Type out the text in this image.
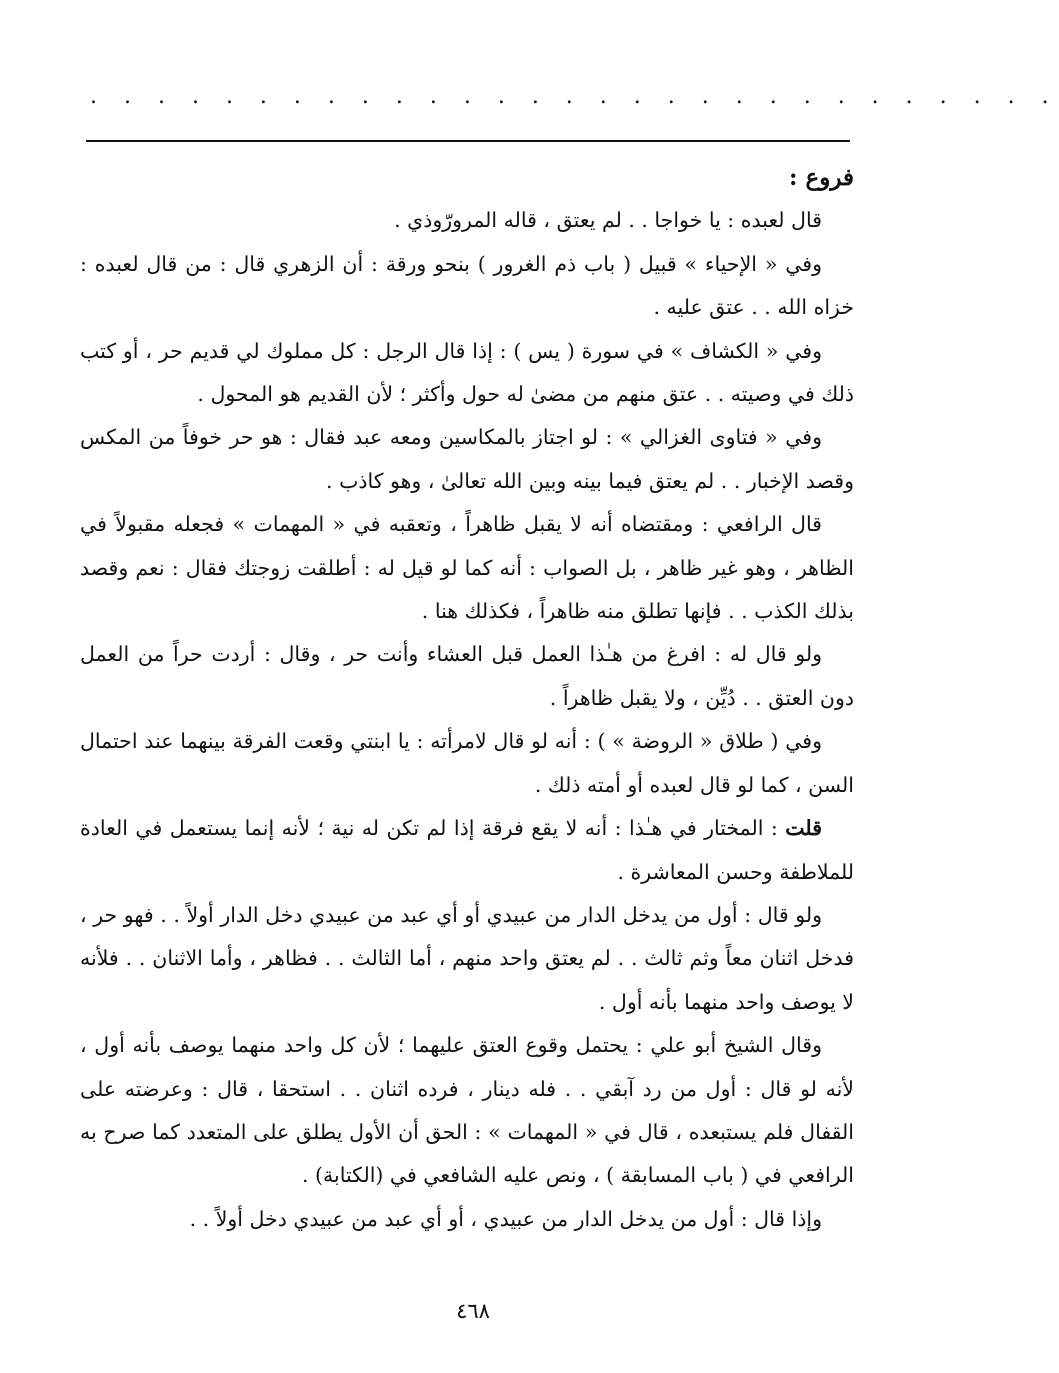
. . . . . . . . . . . . . . . . . . . . . . . . . . . . .

فروع :

قال لعبده : يا خواجا . . لم يعتق ، قاله المرورّوذي .

وفي « الإحياء » قبيل ( باب ذم الغرور ) بنحو ورقة : أن الزهري قال : من قال لعبده : خزاه الله . . عتق عليه .

وفي « الكشاف » في سورة ( يس ) : إذا قال الرجل : كل مملوك لي قديم حر ، أو كتب ذلك في وصيته . . عتق منهم من مضىٰ له حول وأكثر ؛ لأن القديم هو المحول .

وفي « فتاوى الغزالي » : لو اجتاز بالمكاسين ومعه عبد فقال : هو حر خوفاً من المكس وقصد الإخبار . . لم يعتق فيما بينه وبين الله تعالىٰ ، وهو كاذب .

قال الرافعي : ومقتضاه أنه لا يقبل ظاهراً ، وتعقبه في « المهمات » فجعله مقبولاً في الظاهر ، وهو غير ظاهر ، بل الصواب : أنه كما لو قيل له : أطلقت زوجتك فقال : نعم وقصد بذلك الكذب . . فإنها تطلق منه ظاهراً ، فكذلك هنا .

ولو قال له : افرغ من هـٰذا العمل قبل العشاء وأنت حر ، وقال : أردت حراً من العمل دون العتق . . دُيِّن ، ولا يقبل ظاهراً .

وفي ( طلاق « الروضة » ) : أنه لو قال لامرأته : يا ابنتي وقعت الفرقة بينهما عند احتمال السن ، كما لو قال لعبده أو أمته ذلك .

قلت : المختار في هـٰذا : أنه لا يقع فرقة إذا لم تكن له نية ؛ لأنه إنما يستعمل في العادة للملاطفة وحسن المعاشرة .

ولو قال : أول من يدخل الدار من عبيدي أو أي عبد من عبيدي دخل الدار أولاً . . فهو حر ، فدخل اثنان معاً وثم ثالث . . لم يعتق واحد منهم ، أما الثالث . . فظاهر ، وأما الاثنان . . فلأنه لا يوصف واحد منهما بأنه أول .

وقال الشيخ أبو علي : يحتمل وقوع العتق عليهما ؛ لأن كل واحد منهما يوصف بأنه أول ، لأنه لو قال : أول من رد آبقي . . فله دينار ، فرده اثنان . . استحقا ، قال : وعرضته على القفال فلم يستبعده ، قال في « المهمات » : الحق أن الأول يطلق على المتعدد كما صرح به الرافعي في ( باب المسابقة ) ، ونص عليه الشافعي في (الكتابة) .

وإذا قال : أول من يدخل الدار من عبيدي ، أو أي عبد من عبيدي دخل أولاً . .

٤٦٨
